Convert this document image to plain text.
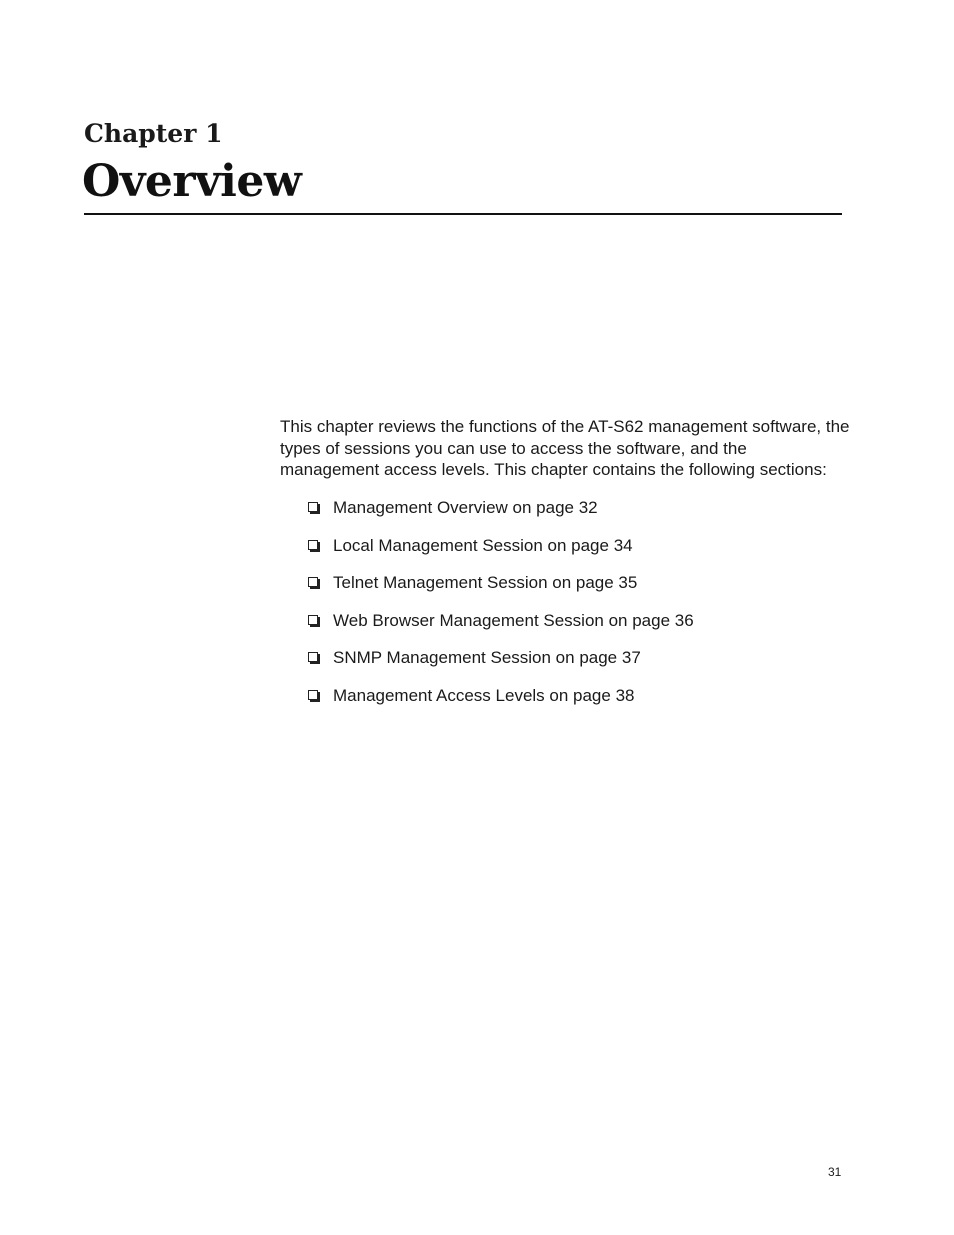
Chapter 1
Overview

This chapter reviews the functions of the AT-S62 management software, the types of sessions you can use to access the software, and the management access levels. This chapter contains the following sections:

Management Overview on page 32
Local Management Session on page 34
Telnet Management Session on page 35
Web Browser Management Session on page 36
SNMP Management Session on page 37
Management Access Levels on page 38

31
